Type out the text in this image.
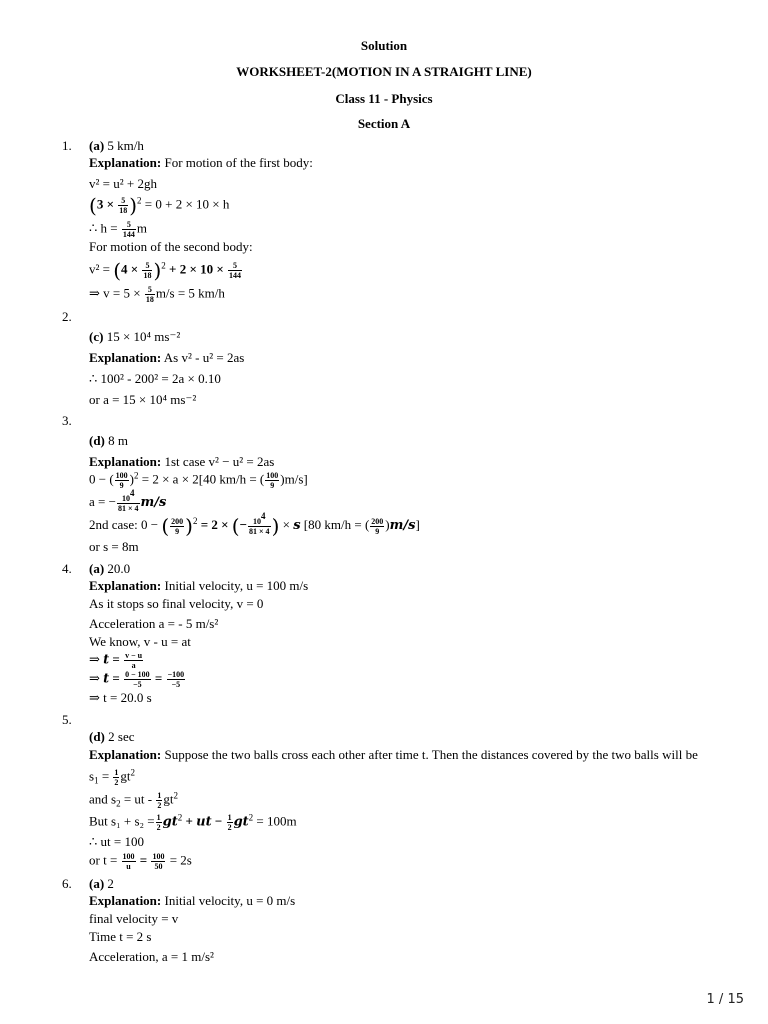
Solution
WORKSHEET-2(MOTION IN A STRAIGHT LINE)
Class 11 - Physics
Section A
1. (a) 5 km/h
Explanation: For motion of the first body:
v² = u² + 2gh
$(3 \times \frac{5}{18} )^2 = 0 + 2 \times 10 \times h$
∴ $h = \frac{5}{144}$ m
For motion of the second body:
$v^2 = (4 \times \frac{5}{18} )^2 + 2 \times 10 \times \frac{5}{144}$
⇒ $v = 5 \times \frac{5}{18} m/s = 5$ km/h
2.
(c) 15 × 10⁴ ms⁻²
Explanation: As v² - u² = 2as
∴ 100² - 200² = 2a × 0.10
or a = 15 × 10⁴ ms⁻²
3.
(d) 8 m
Explanation: 1st case v² − u² = 2as
0 − ( $\frac{100}{9} )^2 = 2 \times a \times 2[40$ km/h = ( $\frac{100}{9} )m/s$]
a = − $\frac{10^4}{81 \times 4} m/s$
2nd case: 0 − ( $\frac{200}{9} )^2 = 2$ × (− $\frac{10^4}{81 \times 4}$ ) × s [80 km/h = ( $\frac{200}{9} )m/s$]
or s = 8m
4. (a) 20.0
Explanation: Initial velocity, u = 100 m/s
As it stops so final velocity, v = 0
Acceleration a = - 5 m/s²
We know, v - u = at
⇒ $t = \frac{v - u}{a}$
⇒ $t = \frac{0 - 100}{-5} = \frac{-100}{-5}$
⇒ t = 20.0 s
5.
(d) 2 sec
Explanation: Suppose the two balls cross each other after time t. Then the distances covered by the two balls will be
$s_1 = \frac{1}{2} gt^2$
and $s_2$ = ut - $\frac{1}{2} gt^2$
But $s_1 + s_2 = \frac{1}{2} gt^2$ + ut − $\frac{1}{2} gt^2 = 100m$
∴ ut = 100
or $t = \frac{100}{u} = \frac{100}{50} = 2s$
6. (a) 2
Explanation: Initial velocity, u = 0 m/s
final velocity = v
Time t = 2 s
Acceleration, a = 1 m/s²
1 / 15
